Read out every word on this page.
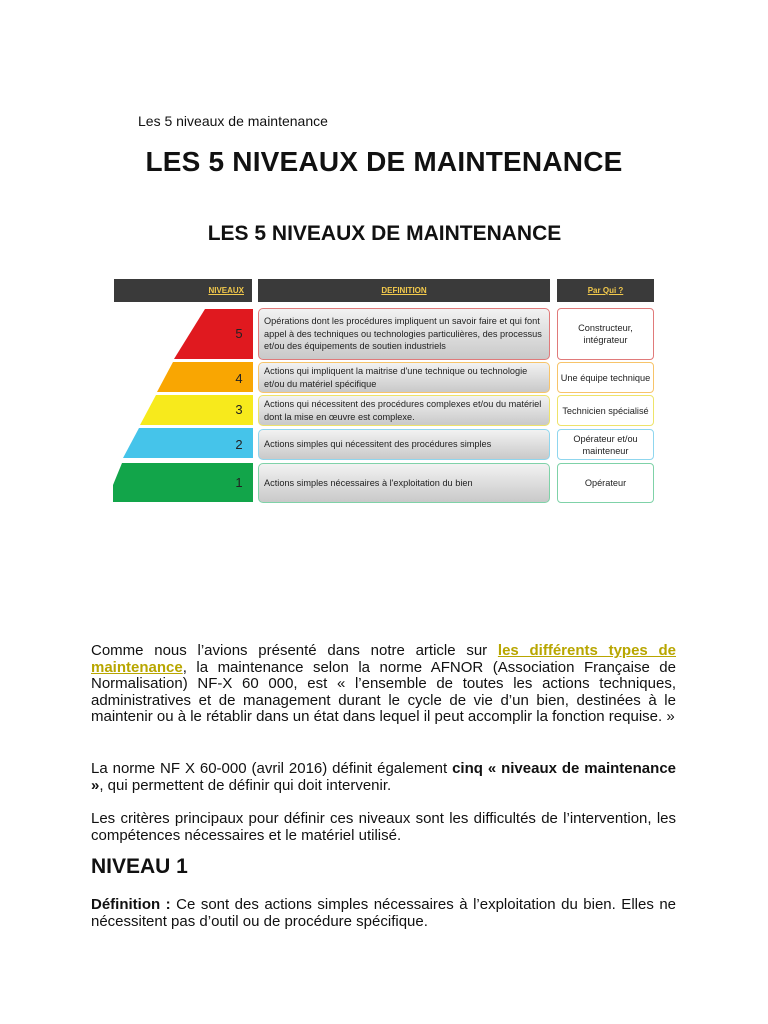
Les 5 niveaux de maintenance
LES 5 NIVEAUX DE MAINTENANCE
LES 5 NIVEAUX DE MAINTENANCE
NIVEAUX	DEFINITION	Par Qui ?
5
4
3
2
1
Opérations dont les procédures impliquent un savoir faire et qui font appel à des techniques ou technologies particulières, des processus et/ou des équipements de soutien industriels
Actions qui impliquent la maitrise d'une technique ou technologie et/ou du matériel spécifique
Actions qui nécessitent des procédures complexes et/ou du matériel dont la mise en œuvre est complexe.
Actions simples qui nécessitent des procédures simples
Actions simples nécessaires à l'exploitation du bien
Constructeur, intégrateur
Une équipe technique
Technicien spécialisé
Opérateur et/ou mainteneur
Opérateur
Comme nous l’avions présenté dans notre article sur les différents types de maintenance, la maintenance selon la norme AFNOR (Association Française de Normalisation) NF-X 60 000, est « l’ensemble de toutes les actions techniques, administratives et de management durant le cycle de vie d’un bien, destinées à le maintenir ou à le rétablir dans un état dans lequel il peut accomplir la fonction requise. »
La norme NF X 60-000 (avril 2016) définit également cinq « niveaux de maintenance », qui permettent de définir qui doit intervenir.
Les critères principaux pour définir ces niveaux sont les difficultés de l’intervention, les compétences nécessaires et le matériel utilisé.
NIVEAU 1
Définition : Ce sont des actions simples nécessaires à l’exploitation du bien. Elles ne nécessitent pas d’outil ou de procédure spécifique.
